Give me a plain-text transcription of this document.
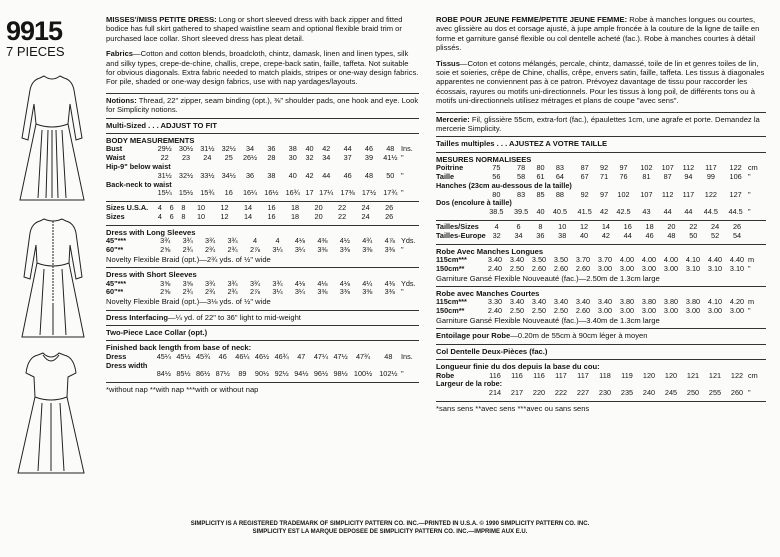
9915
7 PIECES

MISSES'/MISS PETITE DRESS: Long or short sleeved dress with back zipper and fitted bodice has full skirt gathered to shaped waistline seam and optional flexible braid trim or purchased lace collar. Short sleeved dress has pleat detail.

Fabrics—Cotton and cotton blends, broadcloth, chintz, damask, linen and linen types, silk and silky types, crepe-de-chine, challis, crepe, crepe-back satin, faille, taffeta. Not suitable for obvious diagonals. Extra fabric needed to match plaids, stripes or one-way design fabrics. For pile, shaded or one-way design fabrics, use with nap yardages/layouts.

Notions: Thread, 22" zipper, seam binding (opt.), ⅜" shoulder pads, one hook and eye. Look for Simplicity notions.

Multi-Sized . . . ADJUST TO FIT

BODY MEASUREMENTS

Bust	29½	30½	31½	32½	34	36	38	40	42	44	46	48	Ins.
Waist	22	23	24	25	26½	28	30	32	34	37	39	41½	"
Hip-9" below waist													
	31½	32½	33½	34½	36	38	40	42	44	46	48	50	"
Back-neck to waist													
	15¼	15½	15¾	16	16¼	16½	16¾	17	17¼	17⅜	17½	17¾	"
Sizes U.S.A.	4	6	8	10	12	14	16	18	20	22	24	26	
Sizes	4	6	8	10	12	14	16	18	20	22	24	26	

Dress with Long Sleeves

45"***	3¾	3¾	3¾	3¾	4	4	4⅛	4⅜	4½	4¾	4⅞		Yds.
60"**	2⅝	2¾	2¾	2¾	2⅞	3¼	3¼	3⅜	3⅜	3⅜	3⅜		"

Novelty Flexible Braid (opt.)—2¾ yds. of ½" wide

Dress with Short Sleeves

45"***	3⅝	3⅝	3¾	3¾	3¾	3¾	4⅛	4⅛	4⅛	4¼	4⅜		Yds.
60"**	2⅝	2¾	2¾	2¾	2⅞	3¼	3¼	3⅜	3⅜	3⅜	3⅜		"

Novelty Flexible Braid (opt.)—3⅛ yds. of ½" wide

Dress Interfacing—¼ yd. of 22" to 36" light to mid-weight

Two-Piece Lace Collar (opt.)

Finished back length from base of neck:

Dress	45¼	45½	45¾	46	46¼	46½	46¾	47	47¼	47½	47¾	48	Ins.
Dress width													
	84½	85½	86½	87½	89	90½	92½	94½	96½	98½	100½	102½	"

*without nap **with nap ***with or without nap

ROBE POUR JEUNE FEMME/PETITE JEUNE FEMME: Robe à manches longues ou courtes, avec glissière au dos et corsage ajusté, à jupe ample froncée à la couture de la ligne de taille en forme et garniture gansé flexible ou col dentelle acheté (fac.). Robe à manches courtes à détail plissés.

Tissus—Coton et cotons mélangés, percale, chintz, damassé, toile de lin et genres toiles de lin, soie et soieries, crêpe de Chine, challis, crêpe, envers satin, faille, taffeta. Les tissus à diagonales apparentes ne conviennent pas à ce patron. Prévoyez davantage de tissu pour raccorder les écossais, rayures ou motifs uni-directionnels. Pour les tissus à long poil, de différents tons ou à motifs uni-directionnels utilisez métrages et plans de coupe "avec sens".

Mercerie: Fil, glissière 55cm, extra-fort (fac.), épaulettes 1cm, une agrafe et porte. Demandez la mercerie Simplicity.

Tailles multiples . . . AJUSTEZ A VOTRE TAILLE

MESURES NORMALISEES

Poitrine	75	78	80	83	87	92	97	102	107	112	117	122	cm
Taille	56	58	61	64	67	71	76	81	87	94	99	106	"
Hanches (23cm au-dessous de la taille)													
	80	83	85	88	92	97	102	107	112	117	122	127	"
Dos (encolure à taille)													
	38.5	39.5	40	40.5	41.5	42	42.5	43	44	44	44.5	44.5	"
Tailles/Sizes	4	6	8	10	12	14	16	18	20	22	24	26	
Tailles-Europe	32	34	36	38	40	42	44	46	48	50	52	54	

Robe Avec Manches Longues

115cm***	3.40	3.40	3.50	3.50	3.70	3.70	4.00	4.00	4.00	4.10	4.40	4.40	m
150cm**	2.40	2.50	2.60	2.60	2.60	3.00	3.00	3.00	3.00	3.10	3.10	3.10	"

Garniture Gansé Flexible Nouveauté (fac.)—2.50m de 1.3cm large

Robe avec Manches Courtes

115cm***	3.30	3.40	3.40	3.40	3.40	3.40	3.80	3.80	3.80	3.80	4.10	4.20	m
150cm**	2.40	2.50	2.50	2.50	2.60	3.00	3.00	3.00	3.00	3.00	3.00	3.00	"

Garniture Gansé Flexible Nouveauté (fac.)—3.40m de 1.3cm large

Entoilage pour Robe—0.20m de 55cm à 90cm léger à moyen

Col Dentelle Deux-Pièces (fac.)

Longueur finie du dos depuis la base du cou:

Robe	116	116	116	117	117	118	119	120	120	121	121	122	cm
Largeur de la robe:													
	214	217	220	222	227	230	235	240	245	250	255	260	"

*sans sens **avec sens ***avec ou sans sens

SIMPLICITY IS A REGISTERED TRADEMARK OF SIMPLICITY PATTERN CO. INC.—PRINTED IN U.S.A. © 1990 SIMPLICITY PATTERN CO. INC.
SIMPLICITY EST LA MARQUE DEPOSEE DE SIMPLICITY PATTERN CO. INC.—IMPRIME AUX E.U.
